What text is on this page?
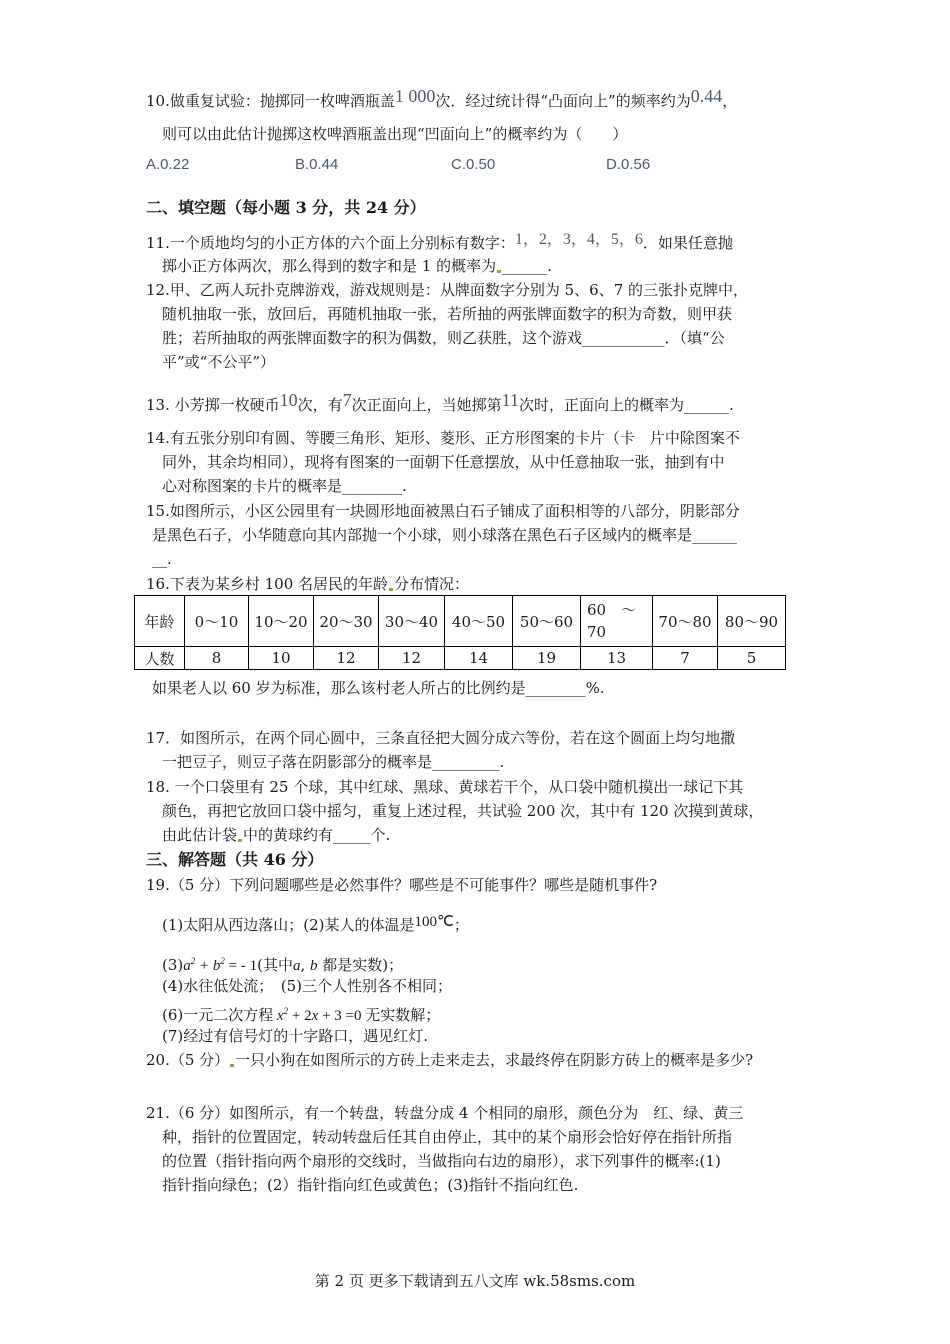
10.做重复试验：抛掷同一枚啤酒瓶盖1 000次．经过统计得“凸面向上”的频率约为0.44，
则可以由此估计抛掷这枚啤酒瓶盖出现“凹面向上”的概率约为（　　）
A.0.22	B.0.44	C.0.50	D.0.56
二、填空题（每小题 3 分，共 24 分）
11.一个质地均匀的小正方体的六个面上分别标有数字：1，2，3，4，5，6．如果任意抛
掷小正方体两次，那么得到的数字和是 1 的概率为 ______.
12.甲、乙两人玩扑克牌游戏，游戏规则是：从牌面数字分别为 5、6、7 的三张扑克牌中，
随机抽取一张，放回后，再随机抽取一张，若所抽的两张牌面数字的积为奇数，则甲获
胜；若所抽取的两张牌面数字的积为偶数，则乙获胜，这个游戏___________．（填“公
平”或“不公平”）
13. 小芳掷一枚硬币10次，有7次正面向上，当她掷第11次时，正面向上的概率为______.
14.有五张分别印有圆、等腰三角形、矩形、菱形、正方形图案的卡片（卡　片中除图案不
同外，其余均相同），现将有图案的一面朝下任意摆放，从中任意抽取一张，抽到有中
心对称图案的卡片的概率是________.
15.如图所示，小区公园里有一块圆形地面被黑白石子铺成了面积相等的八部分，阴影部分
是黑色石子，小华随意向其内部抛一个小球，则小球落在黑色石子区域内的概率是______
__.
16.下表为某乡村 100 名居民的年龄 分布情况：
年龄	0～10	10～20	20～30	30～40	40～50	50～60	60　～70	70～80	80～90
人数	8	10	12	12	14	19	13	7	5
如果老人以 60 岁为标准，那么该村老人所占的比例约是________%.
17．如图所示，在两个同心圆中，三条直径把大圆分成六等份，若在这个圆面上均匀地撒
一把豆子，则豆子落在阴影部分的概率是_________.
18. 一个口袋里有 25 个球，其中红球、黑球、黄球若干个，从口袋中随机摸出一球记下其
颜色，再把它放回口袋中摇匀，重复上述过程，共试验 200 次，其中有 120 次摸到黄球，
由此估计袋 中的黄球约有_____个.
三、解答题（共 46 分）
19.（5 分）下列问题哪些是必然事件？哪些是不可能事件？哪些是随机事件?
(1)太阳从西边落山；(2)某人的体温是100℃；
$(3)a^2 + b^2$ = - 1(其中a, b 都是实数)；
(4)水往低处流；　(5)三个人性别各不相同；
(6)一元二次方程 $x^2 + 2x + 3 =0$ 无实数解；
(7)经过有信号灯的十字路口，遇见红灯.
20.（5 分） 一只小狗在如图所示的方砖上走来走去，求最终停在阴影方砖上的概率是多少?
21.（6 分）如图所示，有一个转盘，转盘分成 4 个相同的扇形，颜色分为　红、绿、黄三
种，指针的位置固定，转动转盘后任其自由停止，其中的某个扇形会恰好停在指针所指
的位置（指针指向两个扇形的交线时，当做指向右边的扇形），求下列事件的概率:(1)
指针指向绿色；(2）指针指向红色或黄色；(3)指针不指向红色.
第 2 页 更多下载请到五八文库 wk.58sms.com
